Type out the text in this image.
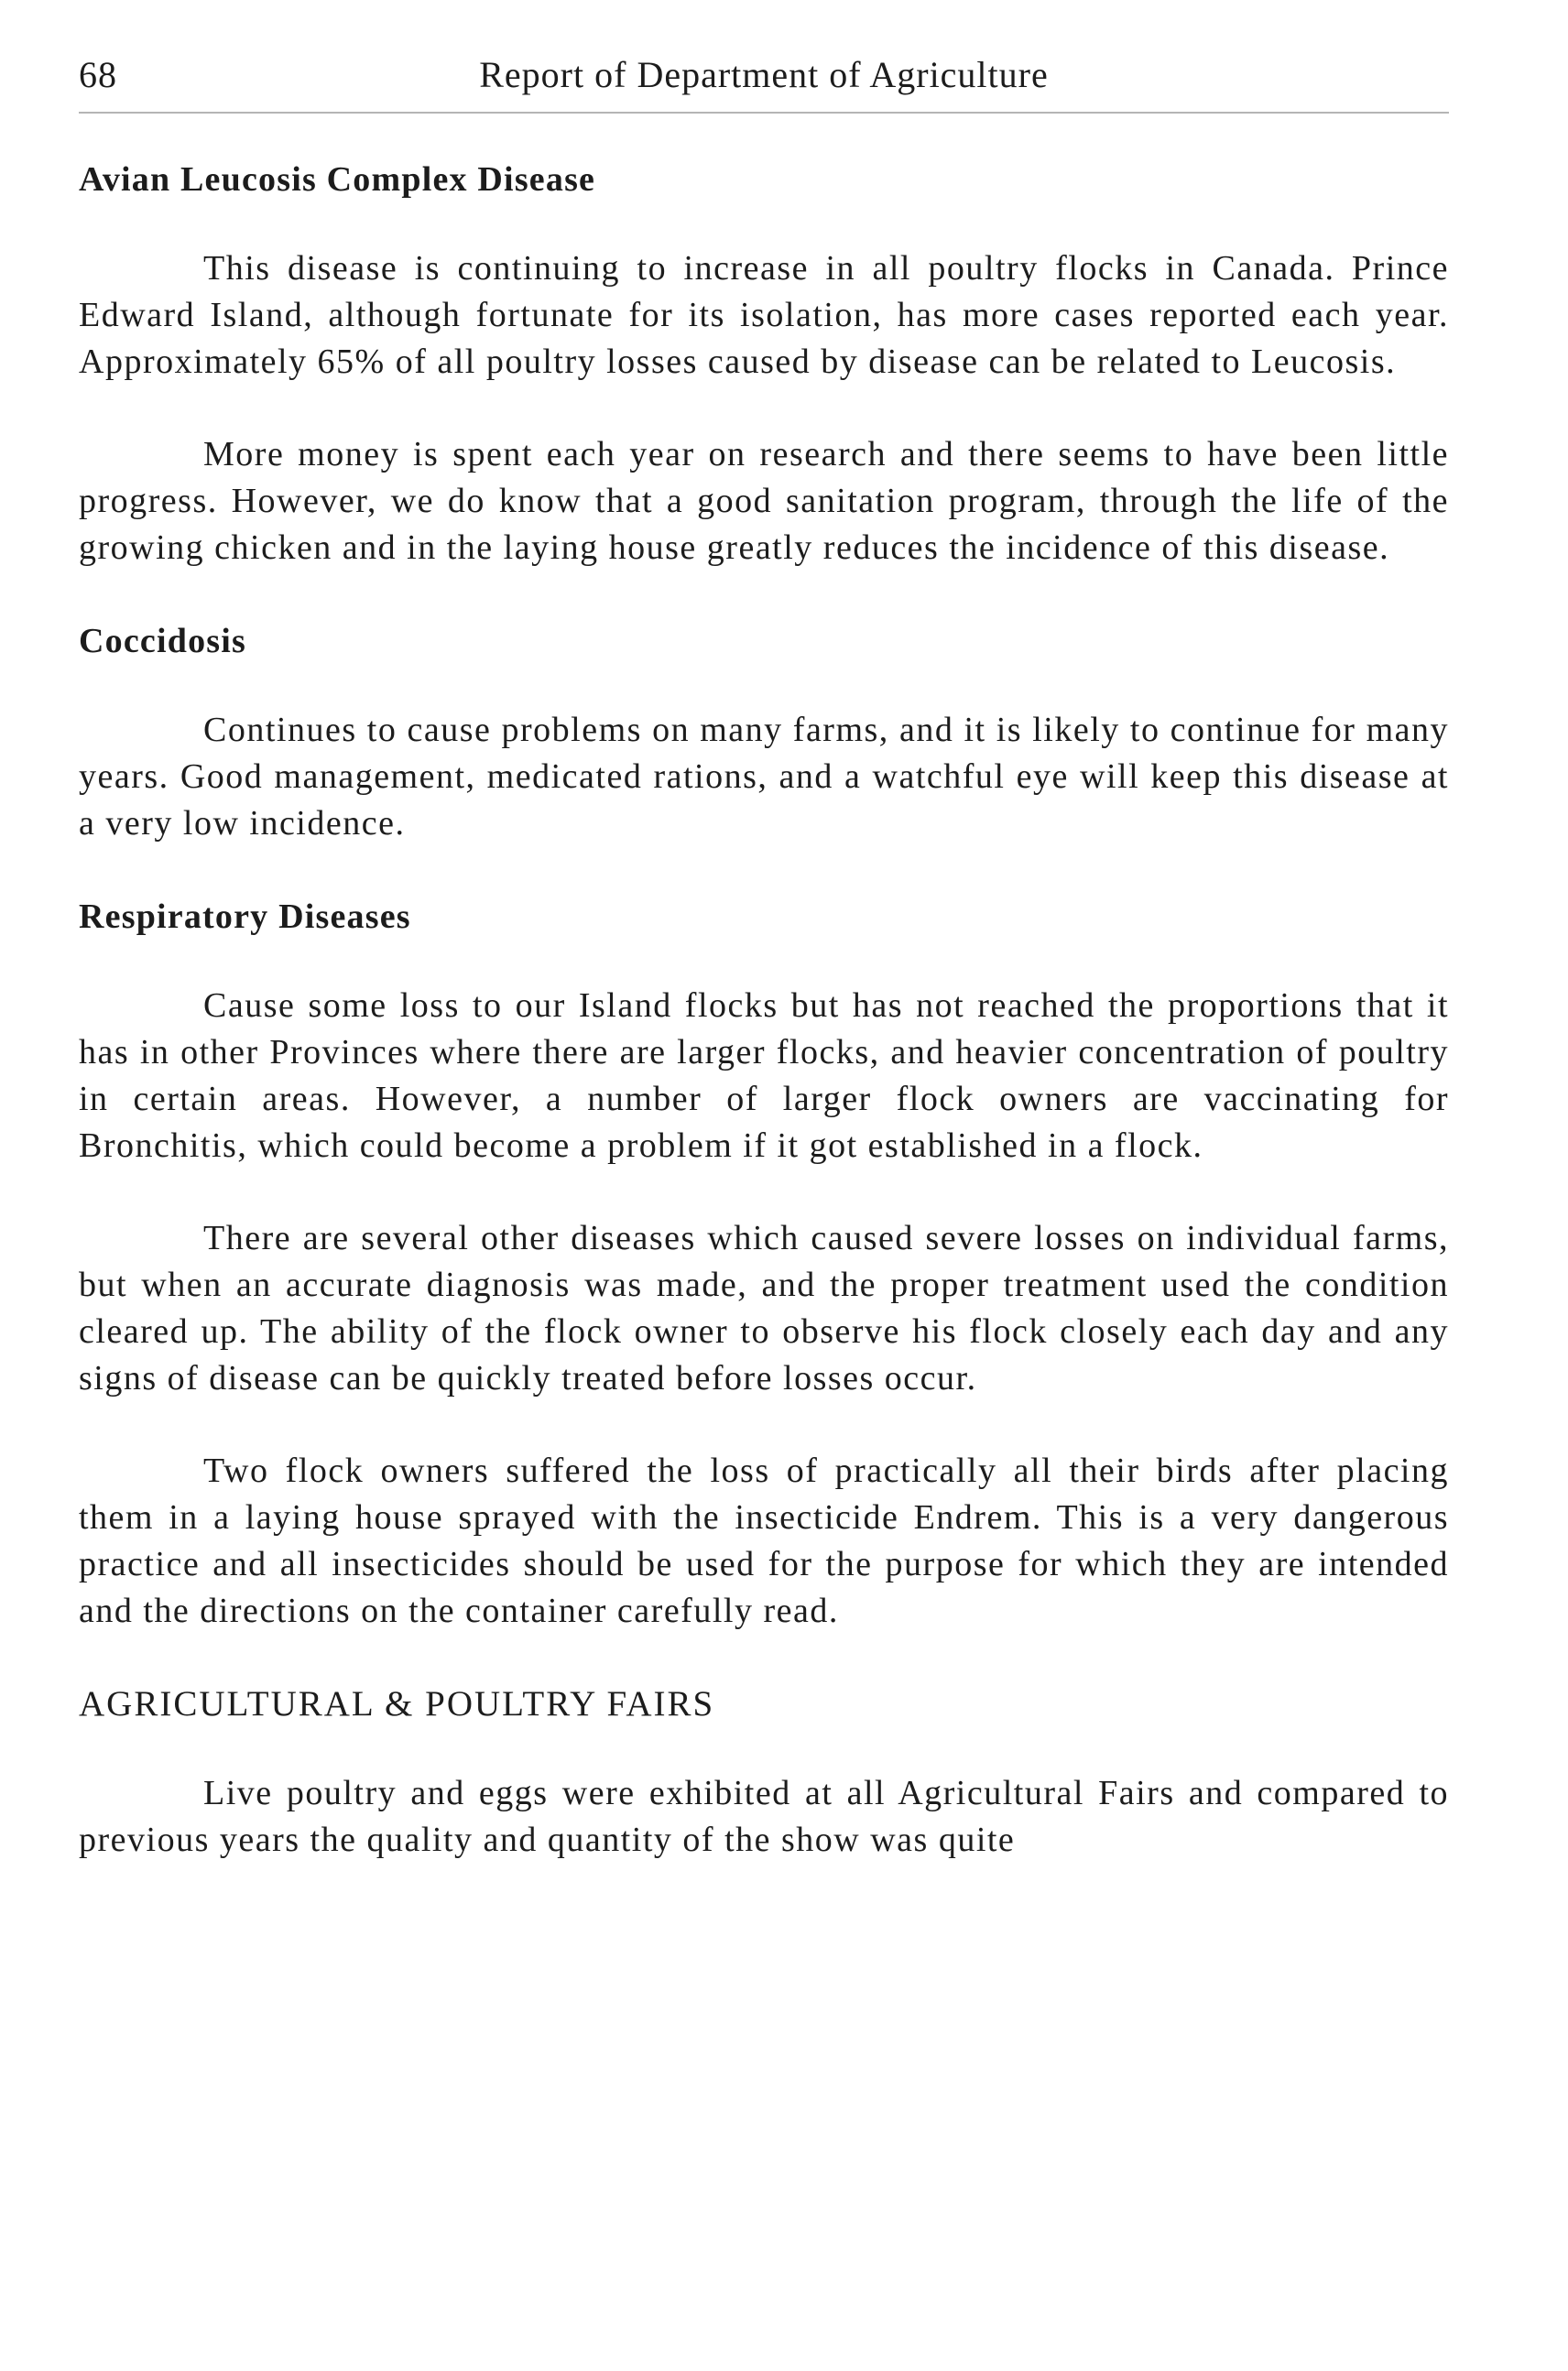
68	Report of Department of Agriculture
Avian Leucosis Complex Disease

This disease is continuing to increase in all poultry flocks in Canada. Prince Edward Island, although fortunate for its isolation, has more cases reported each year. Approximately 65% of all poultry losses caused by disease can be related to Leucosis.

More money is spent each year on research and there seems to have been little progress. However, we do know that a good sanitation program, through the life of the growing chicken and in the laying house greatly reduces the incidence of this disease.

Coccidosis

Continues to cause problems on many farms, and it is likely to continue for many years. Good management, medicated rations, and a watchful eye will keep this disease at a very low incidence.

Respiratory Diseases

Cause some loss to our Island flocks but has not reached the proportions that it has in other Provinces where there are larger flocks, and heavier concentration of poultry in certain areas. However, a number of larger flock owners are vaccinating for Bronchitis, which could become a problem if it got established in a flock.

There are several other diseases which caused severe losses on individual farms, but when an accurate diagnosis was made, and the proper treatment used the condition cleared up. The ability of the flock owner to observe his flock closely each day and any signs of disease can be quickly treated before losses occur.

Two flock owners suffered the loss of practically all their birds after placing them in a laying house sprayed with the insecticide Endrem. This is a very dangerous practice and all insecticides should be used for the purpose for which they are intended and the directions on the container carefully read.

AGRICULTURAL & POULTRY FAIRS

Live poultry and eggs were exhibited at all Agricultural Fairs and compared to previous years the quality and quantity of the show was quite
